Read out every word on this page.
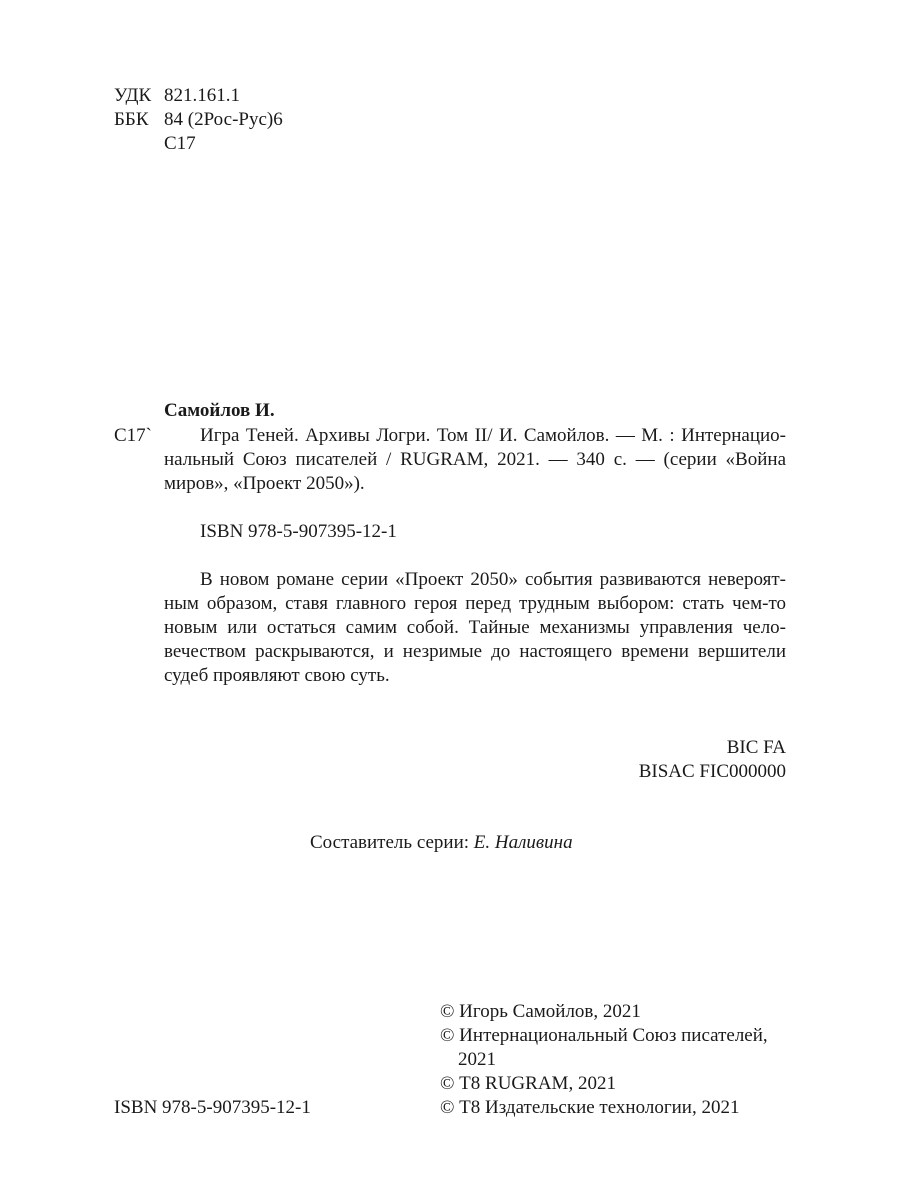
УДК 821.161.1
ББК 84 (2Рос-Рус)6
С17
Самойлов И.
С17`	Игра Теней. Архивы Логри. Том II/ И. Самойлов. — М. : Интернацио-
нальный Союз писателей / RUGRAM, 2021. — 340 с. — (серии «Война
миров», «Проект 2050»).
ISBN 978-5-907395-12-1
В новом романе серии «Проект 2050» события развиваются невероят-
ным образом, ставя главного героя перед трудным выбором: стать чем-то
новым или остаться самим собой. Тайные механизмы управления чело-
вечеством раскрываются, и незримые до настоящего времени вершители
судеб проявляют свою суть.
BIC FA
BISAC FIC000000
Составитель серии: Е. Наливина
© Игорь Самойлов, 2021
© Интернациональный Союз писателей,
2021
© Т8 RUGRAM, 2021
© Т8 Издательские технологии, 2021
ISBN 978-5-907395-12-1
